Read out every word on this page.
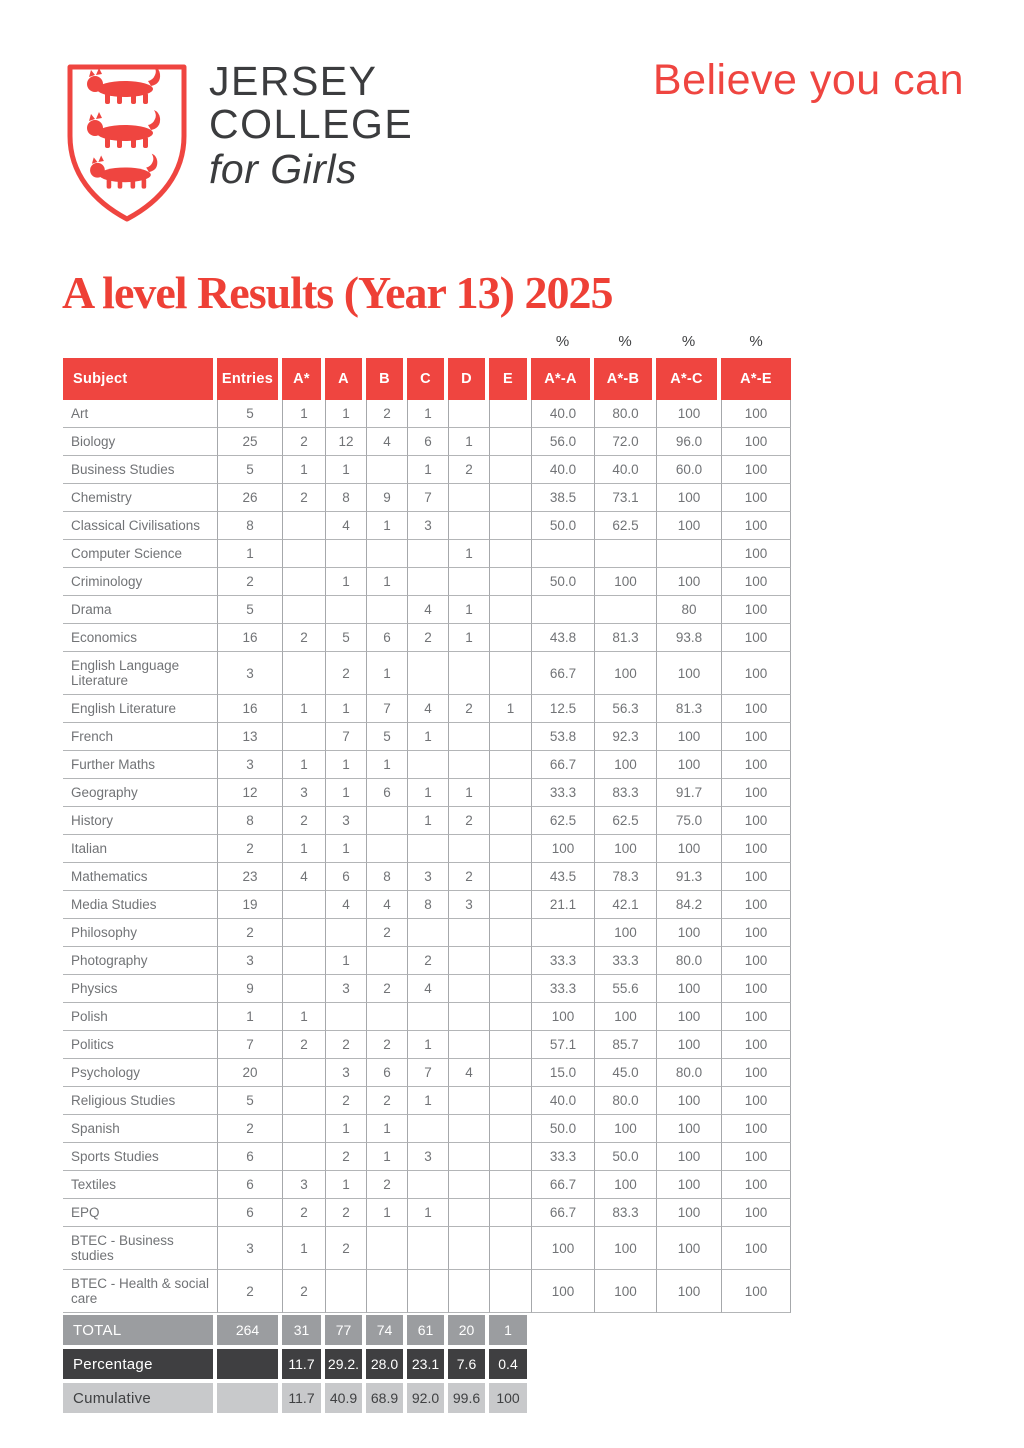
JERSEY
COLLEGE
for Girls
Believe you can
A level Results (Year 13) 2025
								%	%	%	%
Subject	Entries	A*	A	B	C	D	E	A*-A	A*-B	A*-C	A*-E
Art	5	1	1	2	1			40.0	80.0	100	100
Biology	25	2	12	4	6	1		56.0	72.0	96.0	100
Business Studies	5	1	1		1	2		40.0	40.0	60.0	100
Chemistry	26	2	8	9	7			38.5	73.1	100	100
Classical Civilisations	8		4	1	3			50.0	62.5	100	100
Computer Science	1					1					100
Criminology	2		1	1				50.0	100	100	100
Drama	5				4	1				80	100
Economics	16	2	5	6	2	1		43.8	81.3	93.8	100
English Language Literature	3		2	1				66.7	100	100	100
English Literature	16	1	1	7	4	2	1	12.5	56.3	81.3	100
French	13		7	5	1			53.8	92.3	100	100
Further Maths	3	1	1	1				66.7	100	100	100
Geography	12	3	1	6	1	1		33.3	83.3	91.7	100
History	8	2	3		1	2		62.5	62.5	75.0	100
Italian	2	1	1					100	100	100	100
Mathematics	23	4	6	8	3	2		43.5	78.3	91.3	100
Media Studies	19		4	4	8	3		21.1	42.1	84.2	100
Philosophy	2			2					100	100	100
Photography	3		1		2			33.3	33.3	80.0	100
Physics	9		3	2	4			33.3	55.6	100	100
Polish	1	1						100	100	100	100
Politics	7	2	2	2	1			57.1	85.7	100	100
Psychology	20		3	6	7	4		15.0	45.0	80.0	100
Religious Studies	5		2	2	1			40.0	80.0	100	100
Spanish	2		1	1				50.0	100	100	100
Sports Studies	6		2	1	3			33.3	50.0	100	100
Textiles	6	3	1	2				66.7	100	100	100
EPQ	6	2	2	1	1			66.7	83.3	100	100
BTEC - Business studies	3	1	2					100	100	100	100
BTEC - Health & social care	2	2						100	100	100	100
TOTAL	264	31	77	74	61	20	1				
Percentage		11.7	29.2.	28.0	23.1	7.6	0.4				
Cumulative		11.7	40.9	68.9	92.0	99.6	100				
